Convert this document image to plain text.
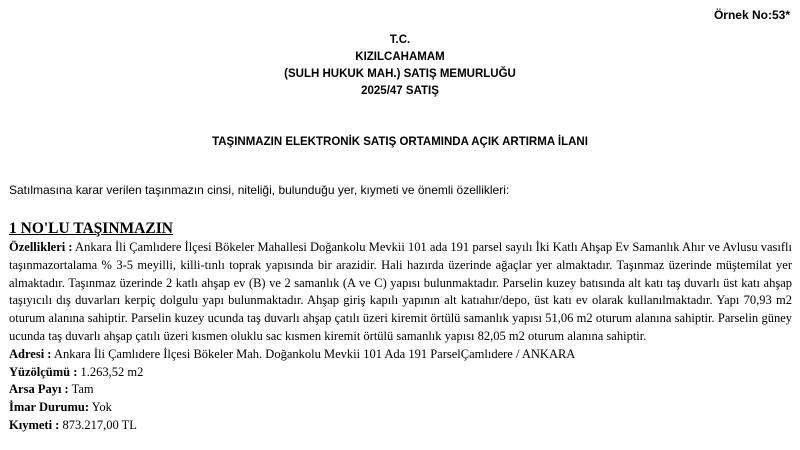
Örnek No:53*
T.C.
KIZILCAHAMAM
(SULH HUKUK MAH.) SATIŞ MEMURLUĞU
2025/47 SATIŞ
TAŞINMAZIN ELEKTRONİK SATIŞ ORTAMINDA AÇIK ARTIRMA İLANI
Satılmasına karar verilen taşınmazın cinsi, niteliği, bulunduğu yer, kıymeti ve önemli özellikleri:
1 NO'LU TAŞINMAZIN

Özellikleri : Ankara İli Çamlıdere İlçesi Bökeler Mahallesi Doğankolu Mevkii 101 ada 191 parsel sayılı İki Katlı Ahşap Ev Samanlık Ahır ve Avlusu vasıflı taşınmazortalama % 3-5 meyilli, killi-tınlı toprak yapısında bir arazidir. Hali hazırda üzerinde ağaçlar yer almaktadır. Taşınmaz üzerinde müştemilat yer almaktadır. Taşınmaz üzerinde 2 katlı ahşap ev (B) ve 2 samanlık (A ve C) yapısı bulunmaktadır. Parselin kuzey batısında alt katı taş duvarlı üst katı ahşap taşıyıcılı dış duvarları kerpiç dolgulu yapı bulunmaktadır. Ahşap giriş kapılı yapının alt katıahır/depo, üst katı ev olarak kullanılmaktadır. Yapı 70,93 m2 oturum alanına sahiptir. Parselin kuzey ucunda taş duvarlı ahşap çatılı üzeri kiremit örtülü samanlık yapısı 51,06 m2 oturum alanına sahiptir. Parselin güney ucunda taş duvarlı ahşap çatılı üzeri kısmen oluklu sac kısmen kiremit örtülü samanlık yapısı 82,05 m2 oturum alanına sahiptir.

Adresi : Ankara İli Çamlıdere İlçesi Bökeler Mah. Doğankolu Mevkii 101 Ada 191 ParselÇamlıdere / ANKARA
Yüzölçümü : 1.263,52 m2
Arsa Payı : Tam
İmar Durumu: Yok
Kıymeti : 873.217,00 TL
